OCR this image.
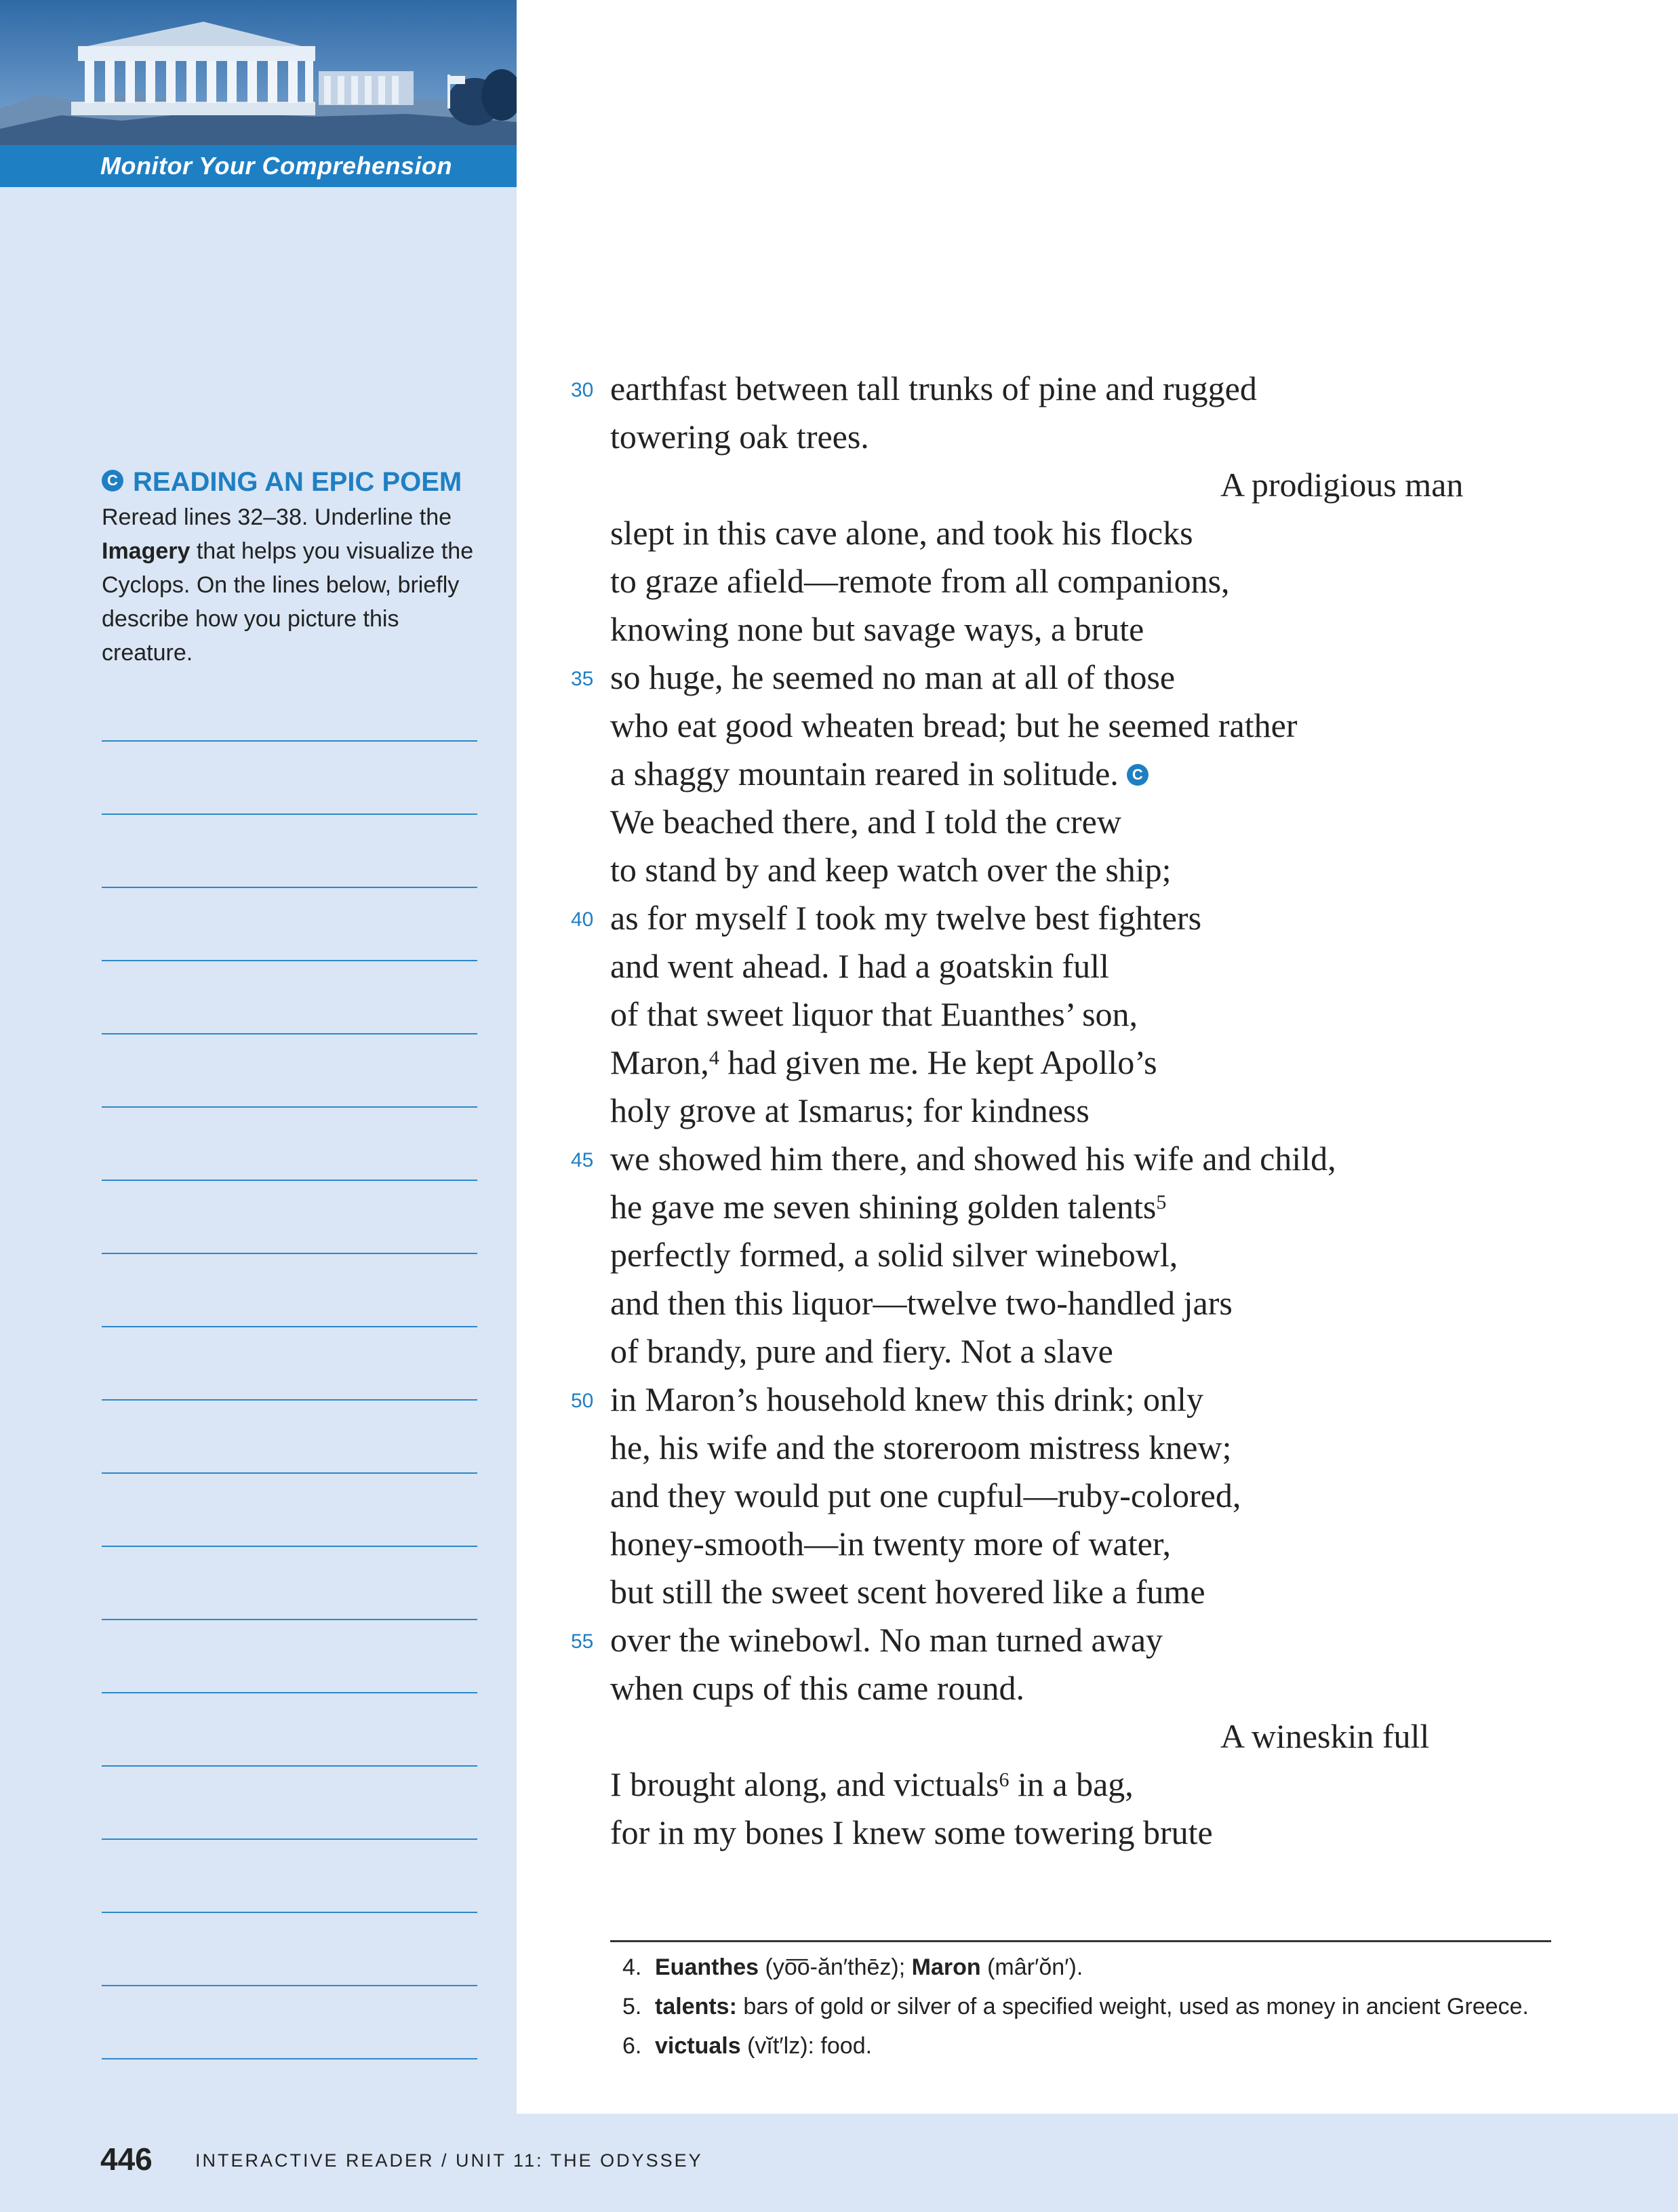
Monitor Your Comprehension

C READING AN EPIC POEM

Reread lines 32–38. Underline the Imagery that helps you visualize the Cyclops. On the lines below, briefly describe how you picture this creature.

30 earthfast between tall trunks of pine and rugged
towering oak trees.
A prodigious man
slept in this cave alone, and took his flocks
to graze afield—remote from all companions,
knowing none but savage ways, a brute
35 so huge, he seemed no man at all of those
who eat good wheaten bread; but he seemed rather
a shaggy mountain reared in solitude. C
We beached there, and I told the crew
to stand by and keep watch over the ship;
40 as for myself I took my twelve best fighters
and went ahead. I had a goatskin full
of that sweet liquor that Euanthes’ son,
Maron,$^4$ had given me. He kept Apollo’s
holy grove at Ismarus; for kindness
45 we showed him there, and showed his wife and child,
he gave me seven shining golden talents$^5$
perfectly formed, a solid silver winebowl,
and then this liquor—twelve two-handled jars
of brandy, pure and fiery. Not a slave
50 in Maron’s household knew this drink; only
he, his wife and the storeroom mistress knew;
and they would put one cupful—ruby-colored,
honey-smooth—in twenty more of water,
but still the sweet scent hovered like a fume
55 over the winebowl. No man turned away
when cups of this came round.
A wineskin full
I brought along, and victuals$^6$ in a bag,
for in my bones I knew some towering brute
4. Euanthes (yo͞o-ăn′thēz); Maron (mâr′ŏn′).
5. talents: bars of gold or silver of a specified weight, used as money in ancient Greece.
6. victuals (vĭt′lz): food.
446 INTERACTIVE READER / UNIT 11: THE ODYSSEY
